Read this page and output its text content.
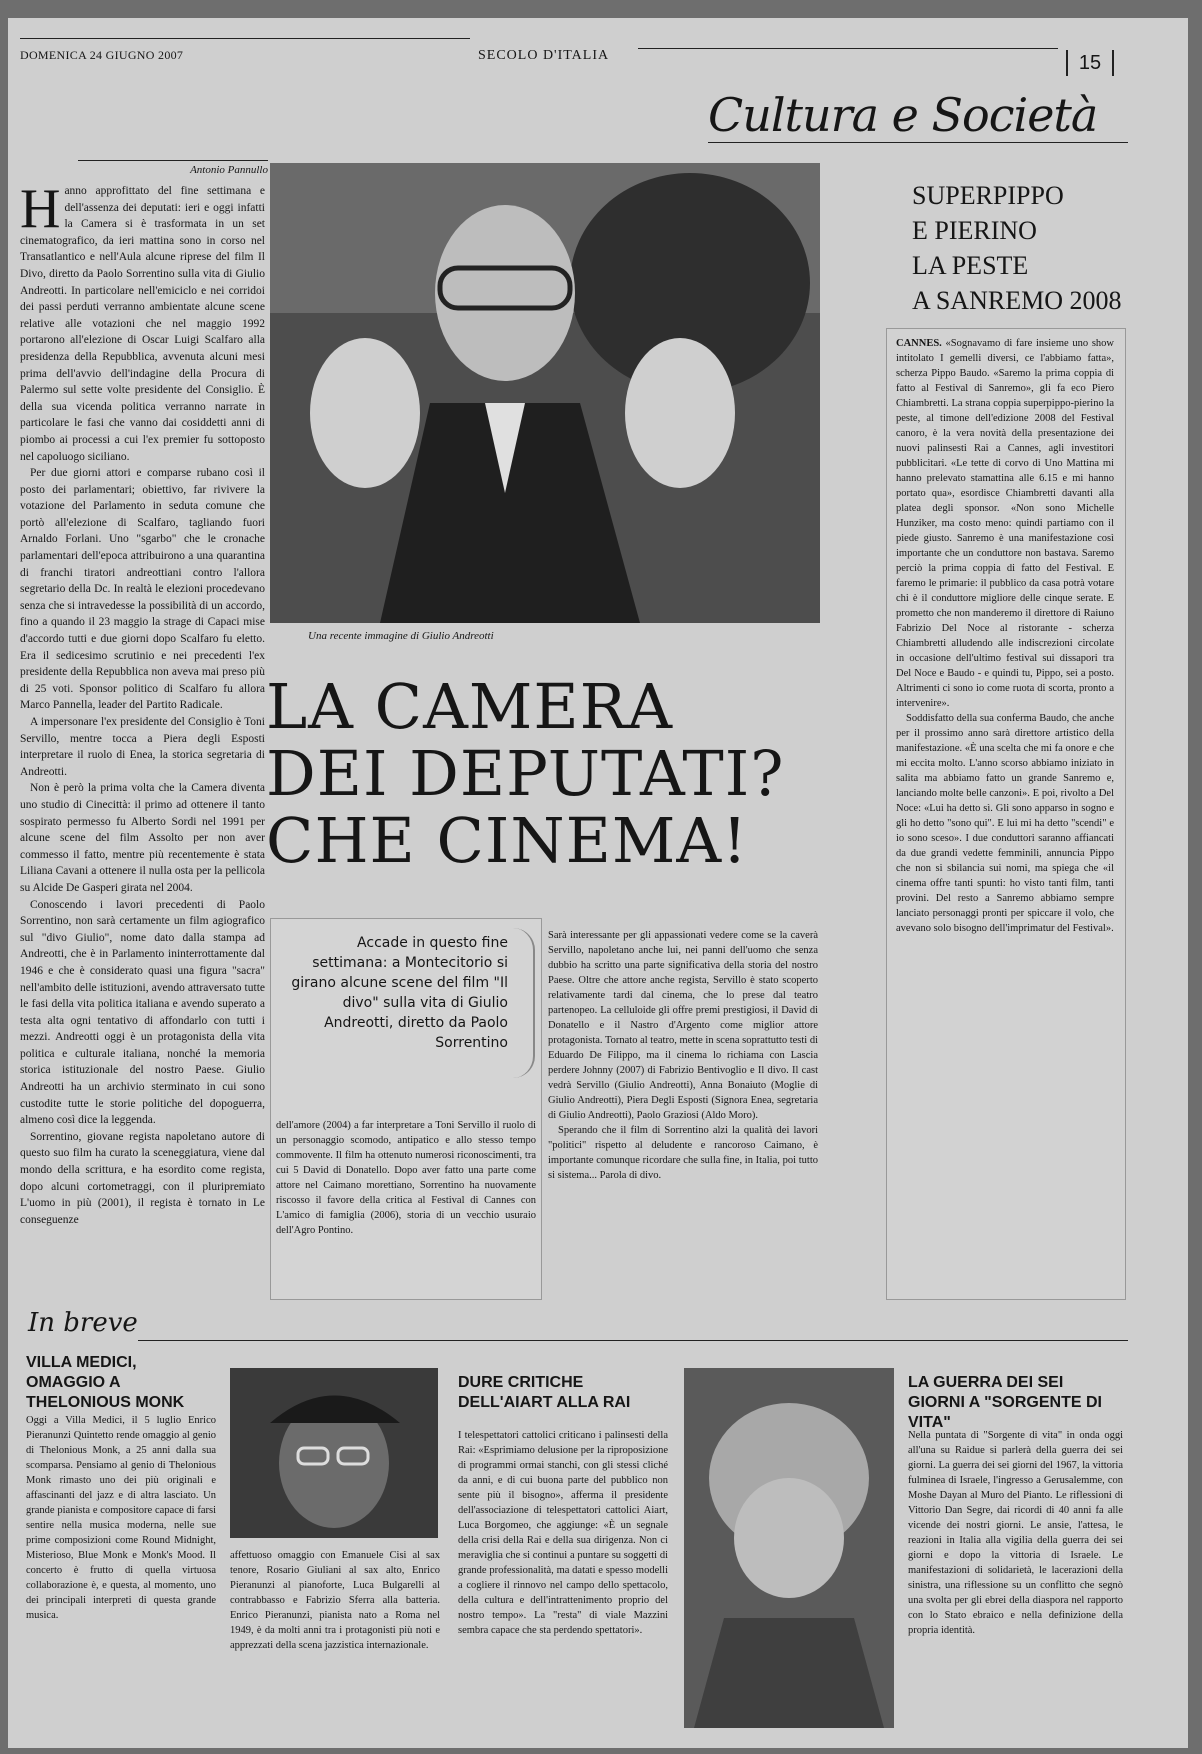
DOMENICA 24 GIUGNO 2007	SECOLO D'ITALIA	15
Cultura e Società
Antonio Pannullo
H anno approfittato del fine settimana e dell'assenza dei deputati: ieri e oggi infatti la Camera si è trasformata in un set cinematografico, da ieri mattina sono in corso nel Transatlantico e nell'Aula alcune riprese del film Il Divo, diretto da Paolo Sorrentino sulla vita di Giulio Andreotti. In particolare nell'emiciclo e nei corridoi dei passi perduti verranno ambientate alcune scene relative alle votazioni che nel maggio 1992 portarono all'elezione di Oscar Luigi Scalfaro alla presidenza della Repubblica, avvenuta alcuni mesi prima dell'avvio dell'indagine della Procura di Palermo sul sette volte presidente del Consiglio. È della sua vicenda politica verranno narrate in particolare le fasi che vanno dai cosiddetti anni di piombo ai processi a cui l'ex premier fu sottoposto nel capoluogo siciliano.

Per due giorni attori e comparse rubano così il posto dei parlamentari; obiettivo, far rivivere la votazione del Parlamento in seduta comune che portò all'elezione di Scalfaro, tagliando fuori Arnaldo Forlani. Uno "sgarbo" che le cronache parlamentari dell'epoca attribuirono a una quarantina di franchi tiratori andreottiani contro l'allora segretario della Dc. In realtà le elezioni procedevano senza che si intravedesse la possibilità di un accordo, fino a quando il 23 maggio la strage di Capaci mise d'accordo tutti e due giorni dopo Scalfaro fu eletto. Era il sedicesimo scrutinio e nei precedenti l'ex presidente della Repubblica non aveva mai preso più di 25 voti. Sponsor politico di Scalfaro fu allora Marco Pannella, leader del Partito Radicale.

A impersonare l'ex presidente del Consiglio è Toni Servillo, mentre tocca a Piera degli Esposti interpretare il ruolo di Enea, la storica segretaria di Andreotti.

Non è però la prima volta che la Camera diventa uno studio di Cinecittà: il primo ad ottenere il tanto sospirato permesso fu Alberto Sordi nel 1991 per alcune scene del film Assolto per non aver commesso il fatto, mentre più recentemente è stata Liliana Cavani a ottenere il nulla osta per la pellicola su Alcide De Gasperi girata nel 2004.

Conoscendo i lavori precedenti di Paolo Sorrentino, non sarà certamente un film agiografico sul "divo Giulio", nome dato dalla stampa ad Andreotti, che è in Parlamento ininterrottamente dal 1946 e che è considerato quasi una figura "sacra" nell'ambito delle istituzioni, avendo attraversato tutte le fasi della vita politica italiana e avendo superato a testa alta ogni tentativo di affondarlo con tutti i mezzi. Andreotti oggi è un protagonista della vita politica e culturale italiana, nonché la memoria storica istituzionale del nostro Paese. Giulio Andreotti ha un archivio sterminato in cui sono custodite tutte le storie politiche del dopoguerra, almeno così dice la leggenda.

Sorrentino, giovane regista napoletano autore di questo suo film ha curato la sceneggiatura, viene dal mondo della scrittura, e ha esordito come regista, dopo alcuni cortometraggi, con il pluripremiato L'uomo in più (2001), il regista è tornato in Le conseguenze

Una recente immagine di Giulio Andreotti
LA CAMERA
DEI DEPUTATI?
CHE CINEMA!

Accade in questo fine settimana: a Montecitorio si girano alcune scene del film "Il divo" sulla vita di Giulio Andreotti, diretto da Paolo Sorrentino

dell'amore (2004) a far interpretare a Toni Servillo il ruolo di un personaggio scomodo, antipatico e allo stesso tempo commovente. Il film ha ottenuto numerosi riconoscimenti, tra cui 5 David di Donatello. Dopo aver fatto una parte come attore nel Caimano morettiano, Sorrentino ha nuovamente riscosso il favore della critica al Festival di Cannes con L'amico di famiglia (2006), storia di un vecchio usuraio dell'Agro Pontino.
Sarà interessante per gli appassionati vedere come se la caverà Servillo, napoletano anche lui, nei panni dell'uomo che senza dubbio ha scritto una parte significativa della storia del nostro Paese. Oltre che attore anche regista, Servillo è stato scoperto relativamente tardi dal cinema, che lo prese dal teatro partenopeo. La celluloide gli offre premi prestigiosi, il David di Donatello e il Nastro d'Argento come miglior attore protagonista. Tornato al teatro, mette in scena soprattutto testi di Eduardo De Filippo, ma il cinema lo richiama con Lascia perdere Johnny (2007) di Fabrizio Bentivoglio e Il divo. Il cast vedrà Servillo (Giulio Andreotti), Anna Bonaiuto (Moglie di Giulio Andreotti), Piera Degli Esposti (Signora Enea, segretaria di Giulio Andreotti), Paolo Graziosi (Aldo Moro).

Sperando che il film di Sorrentino alzi la qualità dei lavori "politici" rispetto al deludente e rancoroso Caimano, è importante comunque ricordare che sulla fine, in Italia, poi tutto si sistema... Parola di divo.

SUPERPIPPO
E PIERINO
LA PESTE
A SANREMO 2008
CANNES. «Sognavamo di fare insieme uno show intitolato I gemelli diversi, ce l'abbiamo fatta», scherza Pippo Baudo. «Saremo la prima coppia di fatto al Festival di Sanremo», gli fa eco Piero Chiambretti. La strana coppia superpippo-pierino la peste, al timone dell'edizione 2008 del Festival canoro, è la vera novità della presentazione dei nuovi palinsesti Rai a Cannes, agli investitori pubblicitari. «Le tette di corvo di Uno Mattina mi hanno prelevato stamattina alle 6.15 e mi hanno portato qua», esordisce Chiambretti davanti alla platea degli sponsor. «Non sono Michelle Hunziker, ma costo meno: quindi partiamo con il piede giusto. Sanremo è una manifestazione così importante che un conduttore non bastava. Saremo perciò la prima coppia di fatto del Festival. E faremo le primarie: il pubblico da casa potrà votare chi è il conduttore migliore delle cinque serate. E prometto che non manderemo il direttore di Raiuno Fabrizio Del Noce al ristorante - scherza Chiambretti alludendo alle indiscrezioni circolate in occasione dell'ultimo festival sui dissapori tra Del Noce e Baudo - e quindi tu, Pippo, sei a posto. Altrimenti ci sono io come ruota di scorta, pronto a intervenire».

Soddisfatto della sua conferma Baudo, che anche per il prossimo anno sarà direttore artistico della manifestazione. «È una scelta che mi fa onore e che mi eccita molto. L'anno scorso abbiamo iniziato in salita ma abbiamo fatto un grande Sanremo e, lanciando molte belle canzoni». E poi, rivolto a Del Noce: «Lui ha detto sì. Gli sono apparso in sogno e gli ho detto "sono qui". E lui mi ha detto "scendi" e io sono sceso». I due conduttori saranno affiancati da due grandi vedette femminili, annuncia Pippo che non si sbilancia sui nomi, ma spiega che «il cinema offre tanti spunti: ho visto tanti film, tanti provini. Del resto a Sanremo abbiamo sempre lanciato personaggi pronti per spiccare il volo, che avevano solo bisogno dell'imprimatur del Festival».

In breve
VILLA MEDICI, OMAGGIO A THELONIOUS MONK
Oggi a Villa Medici, il 5 luglio Enrico Pieranunzi Quintetto rende omaggio al genio di Thelonious Monk, a 25 anni dalla sua scomparsa. Pensiamo al genio di Thelonious Monk rimasto uno dei più originali e affascinanti del jazz e di altra lasciato. Un grande pianista e compositore capace di farsi sentire nella musica moderna, nelle sue prime composizioni come Round Midnight, Misterioso, Blue Monk e Monk's Mood. Il concerto è frutto di quella virtuosa collaborazione è, e questa, al momento, uno dei principali interpreti di questa grande musica.
affettuoso omaggio con Emanuele Cisi al sax tenore, Rosario Giuliani al sax alto, Enrico Pieranunzi al pianoforte, Luca Bulgarelli al contrabbasso e Fabrizio Sferra alla batteria. Enrico Pieranunzi, pianista nato a Roma nel 1949, è da molti anni tra i protagonisti più noti e apprezzati della scena jazzistica internazionale.
DURE CRITICHE DELL'AIART ALLA RAI
I telespettatori cattolici criticano i palinsesti della Rai: «Esprimiamo delusione per la riproposizione di programmi ormai stanchi, con gli stessi cliché da anni, e di cui buona parte del pubblico non sente più il bisogno», afferma il presidente dell'associazione di telespettatori cattolici Aiart, Luca Borgomeo, che aggiunge: «È un segnale della crisi della Rai e della sua dirigenza. Non ci meraviglia che si continui a puntare su soggetti di grande professionalità, ma datati e spesso modelli a cogliere il rinnovo nel campo dello spettacolo, della cultura e dell'intrattenimento proprio del nostro tempo». La "resta" di viale Mazzini sembra capace che sta perdendo spettatori».
LA GUERRA DEI SEI GIORNI A "SORGENTE DI VITA"
Nella puntata di "Sorgente di vita" in onda oggi all'una su Raidue si parlerà della guerra dei sei giorni. La guerra dei sei giorni del 1967, la vittoria fulminea di Israele, l'ingresso a Gerusalemme, con Moshe Dayan al Muro del Pianto. Le riflessioni di Vittorio Dan Segre, dai ricordi di 40 anni fa alle vicende dei nostri giorni. Le ansie, l'attesa, le reazioni in Italia alla vigilia della guerra dei sei giorni e dopo la vittoria di Israele. Le manifestazioni di solidarietà, le lacerazioni della sinistra, una riflessione su un conflitto che segnò una svolta per gli ebrei della diaspora nel rapporto con lo Stato ebraico e nella definizione della propria identità.
